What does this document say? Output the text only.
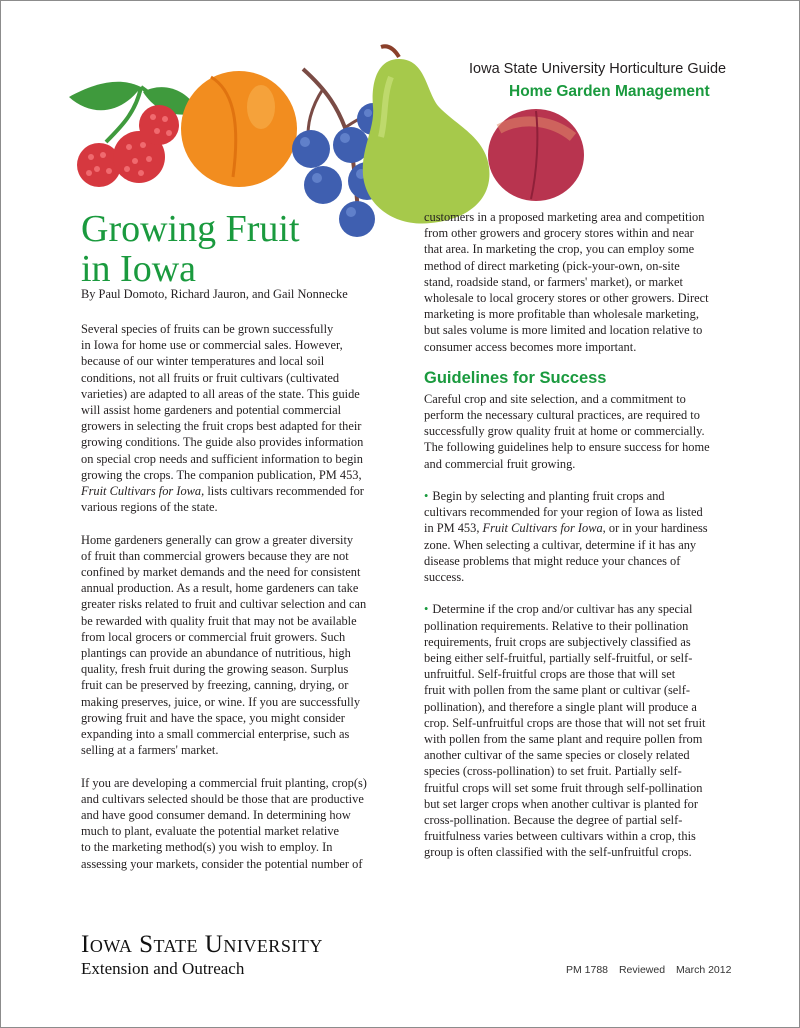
Iowa State University Horticulture Guide
Home Garden Management
Growing Fruit
in Iowa
By Paul Domoto, Richard Jauron, and Gail Nonnecke

Several species of fruits can be grown successfully
in Iowa for home use or commercial sales. However,
because of our winter temperatures and local soil
conditions, not all fruits or fruit cultivars (cultivated
varieties) are adapted to all areas of the state. This guide
will assist home gardeners and potential commercial
growers in selecting the fruit crops best adapted for their
growing conditions. The guide also provides information
on special crop needs and sufficient information to begin
growing the crops. The companion publication, PM 453,
Fruit Cultivars for Iowa, lists cultivars recommended for
various regions of the state.

Home gardeners generally can grow a greater diversity
of fruit than commercial growers because they are not
confined by market demands and the need for consistent
annual production. As a result, home gardeners can take
greater risks related to fruit and cultivar selection and can
be rewarded with quality fruit that may not be available
from local grocers or commercial fruit growers. Such
plantings can provide an abundance of nutritious, high
quality, fresh fruit during the growing season. Surplus
fruit can be preserved by freezing, canning, drying, or
making preserves, juice, or wine. If you are successfully
growing fruit and have the space, you might consider
expanding into a small commercial enterprise, such as
selling at a farmers' market.

If you are developing a commercial fruit planting, crop(s)
and cultivars selected should be those that are productive
and have good consumer demand. In determining how
much to plant, evaluate the potential market relative
to the marketing method(s) you wish to employ. In
assessing your markets, consider the potential number of

customers in a proposed marketing area and competition
from other growers and grocery stores within and near
that area. In marketing the crop, you can employ some
method of direct marketing (pick-your-own, on-site
stand, roadside stand, or farmers' market), or market
wholesale to local grocery stores or other growers. Direct
marketing is more profitable than wholesale marketing,
but sales volume is more limited and location relative to
consumer access becomes more important.

Guidelines for Success

Careful crop and site selection, and a commitment to
perform the necessary cultural practices, are required to
successfully grow quality fruit at home or commercially.
The following guidelines help to ensure success for home
and commercial fruit growing.

• Begin by selecting and planting fruit crops and
cultivars recommended for your region of Iowa as listed
in PM 453, Fruit Cultivars for Iowa, or in your hardiness
zone. When selecting a cultivar, determine if it has any
disease problems that might reduce your chances of
success.

• Determine if the crop and/or cultivar has any special
pollination requirements. Relative to their pollination
requirements, fruit crops are subjectively classified as
being either self-fruitful, partially self-fruitful, or self-
unfruitful. Self-fruitful crops are those that will set
fruit with pollen from the same plant or cultivar (self-
pollination), and therefore a single plant will produce a
crop. Self-unfruitful crops are those that will not set fruit
with pollen from the same plant and require pollen from
another cultivar of the same species or closely related
species (cross-pollination) to set fruit. Partially self-
fruitful crops will set some fruit through self-pollination
but set larger crops when another cultivar is planted for
cross-pollination. Because the degree of partial self-
fruitfulness varies between cultivars within a crop, this
group is often classified with the self-unfruitful crops.

Iowa State University
Extension and Outreach	PM 1788 Reviewed March 2012
